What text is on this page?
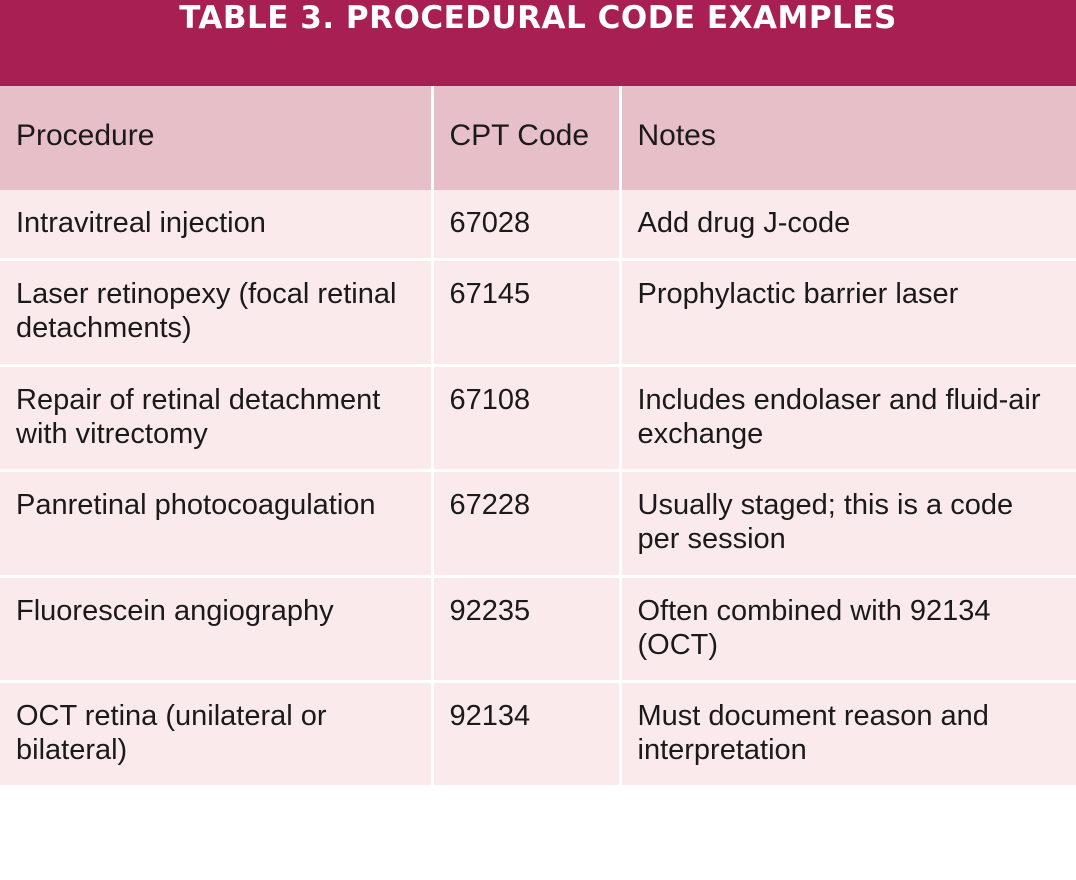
TABLE 3. PROCEDURAL CODE EXAMPLES
Procedure	CPT Code	Notes
Intravitreal injection	67028	Add drug J-code
Laser retinopexy (focal retinal detachments)	67145	Prophylactic barrier laser
Repair of retinal detachment with vitrectomy	67108	Includes endolaser and fluid-air exchange
Panretinal photocoagulation	67228	Usually staged; this is a code per session
Fluorescein angiography	92235	Often combined with 92134 (OCT)
OCT retina (unilateral or bilateral)	92134	Must document reason and interpretation
